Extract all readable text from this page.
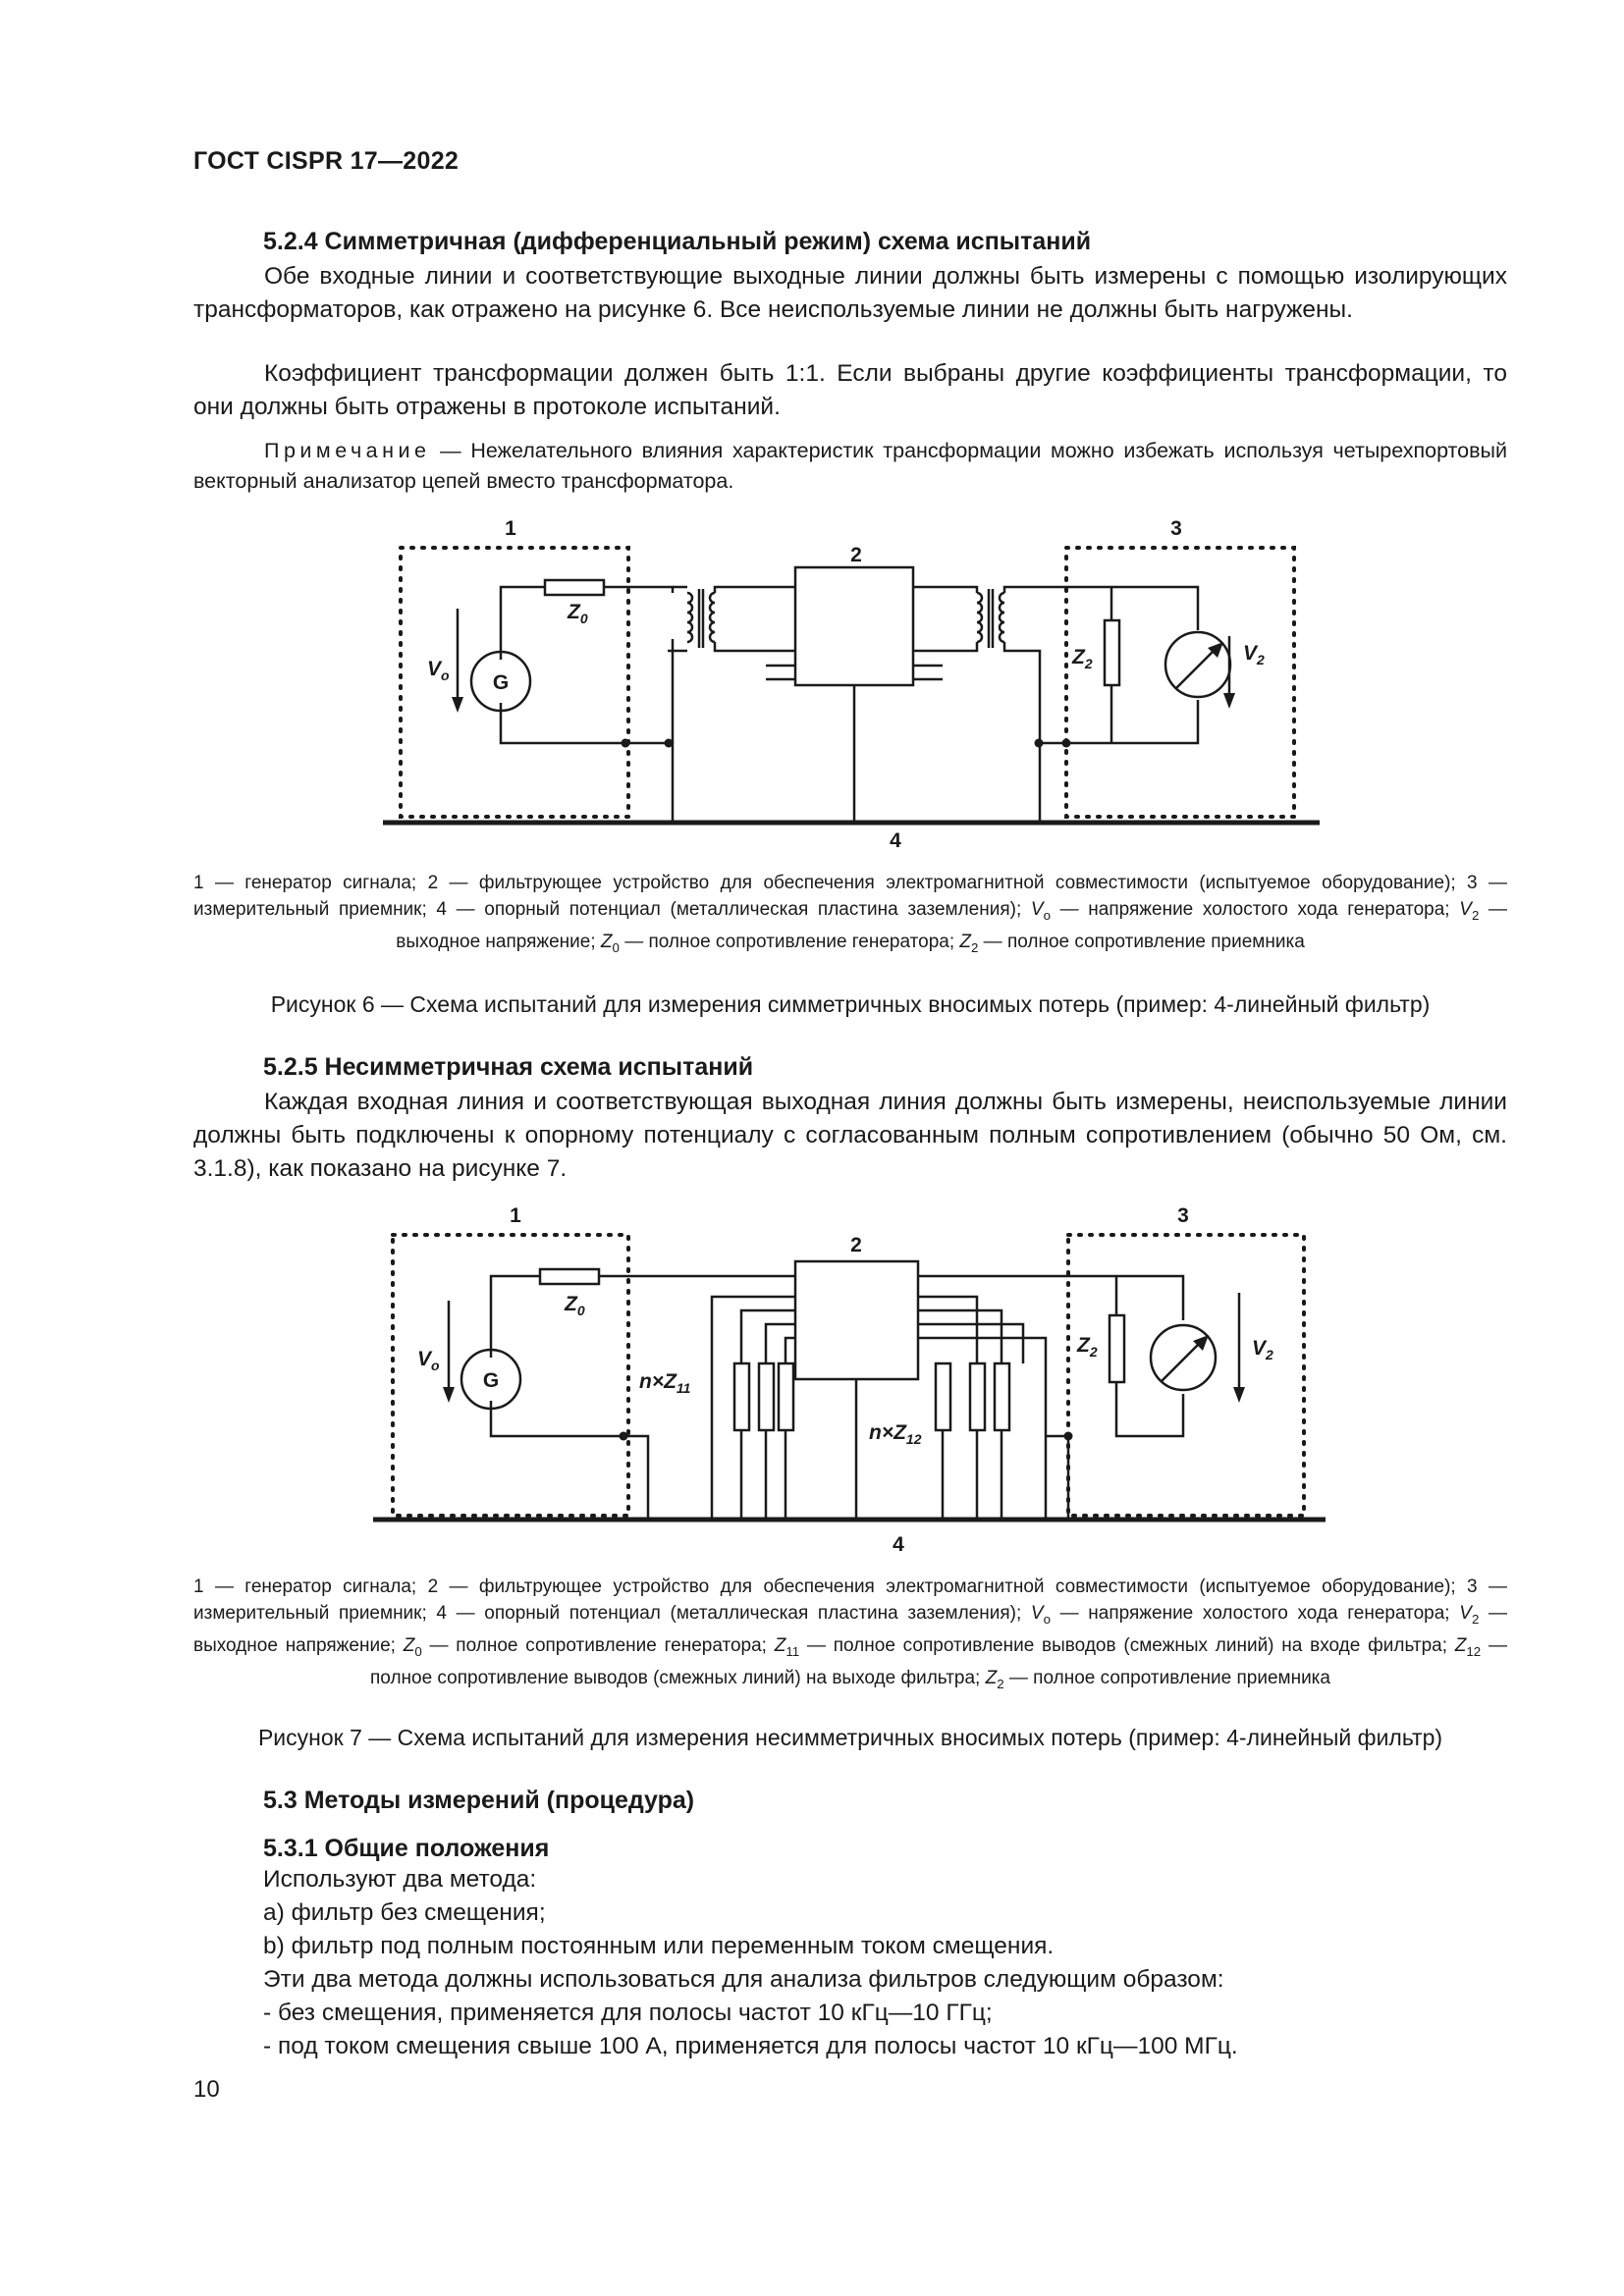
ГОСТ CISPR 17—2022
5.2.4 Симметричная (дифференциальный режим) схема испытаний
Обе входные линии и соответствующие выходные линии должны быть измерены с помощью изолирующих трансформаторов, как отражено на рисунке 6. Все неиспользуемые линии не должны быть нагружены.
Коэффициент трансформации должен быть 1:1. Если выбраны другие коэффициенты трансформации, то они должны быть отражены в протоколе испытаний.
Примечание — Нежелательного влияния характеристик трансформации можно избежать используя четырехпортовый векторный анализатор цепей вместо трансформатора.
1
2
3
4
G
$Z_0$
$Z_2$
$V_o$
$V_2$
1 — генератор сигнала; 2 — фильтрующее устройство для обеспечения электромагнитной совместимости (испытуемое оборудование); 3 — измерительный приемник; 4 — опорный потенциал (металлическая пластина заземления); $V_o$ — напряжение холостого хода генератора; $V_2$ — выходное напряжение; $Z_0$ — полное сопротивление генератора; $Z_2$ — полное сопротивление приемника
Рисунок 6 — Схема испытаний для измерения симметричных вносимых потерь (пример: 4-линейный фильтр)
5.2.5 Несимметричная схема испытаний
Каждая входная линия и соответствующая выходная линия должны быть измерены, неиспользуемые линии должны быть подключены к опорному потенциалу с согласованным полным сопротивлением (обычно 50 Ом, см. 3.1.8), как показано на рисунке 7.
1
2
3
4
G
$Z_0$
$Z_2$
$V_o$
$V_2$
$n\times Z_{11}$
$n\times Z_{12}$
1 — генератор сигнала; 2 — фильтрующее устройство для обеспечения электромагнитной совместимости (испытуемое оборудование); 3 — измерительный приемник; 4 — опорный потенциал (металлическая пластина заземления); $V_o$ — напряжение холостого хода генератора; $V_2$ — выходное напряжение; $Z_0$ — полное сопротивление генератора; $Z_{11}$ — полное сопротивление выводов (смежных линий) на входе фильтра; $Z_{12}$ — полное сопротивление выводов (смежных линий) на выходе фильтра; $Z_2$ — полное сопротивление приемника
Рисунок 7 — Схема испытаний для измерения несимметричных вносимых потерь (пример: 4-линейный фильтр)
5.3 Методы измерений (процедура)
5.3.1 Общие положения
Используют два метода:
a) фильтр без смещения;
b) фильтр под полным постоянным или переменным током смещения.
Эти два метода должны использоваться для анализа фильтров следующим образом:
- без смещения, применяется для полосы частот 10 кГц—10 ГГц;
- под током смещения свыше 100 А, применяется для полосы частот 10 кГц—100 МГц.
10
